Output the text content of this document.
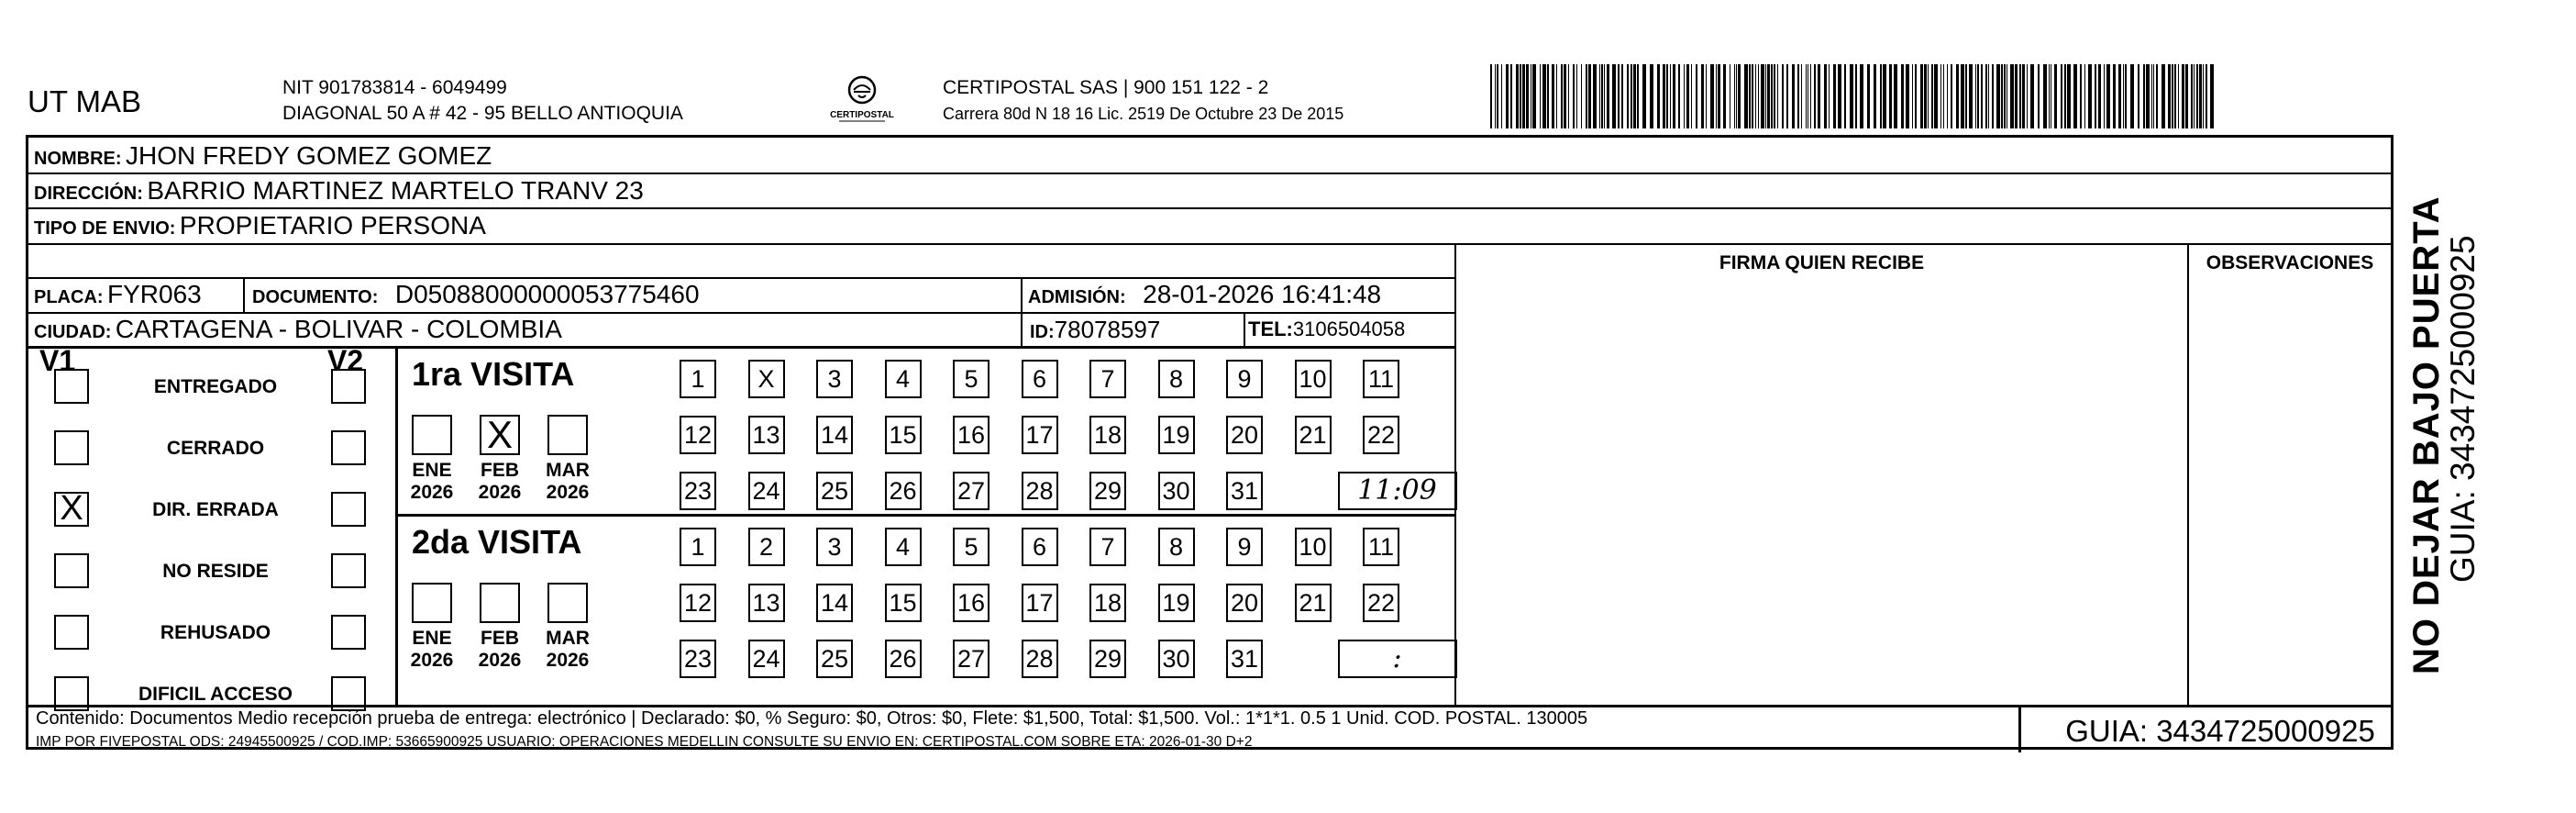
UT MAB	NIT 901783814 - 6049499
DIAGONAL 50 A # 42 - 95 BELLO ANTIOQUIA	CERTIPOSTAL
CERTIPOSTAL SAS | 900 151 122 - 2
Carrera 80d N 18 16 Lic. 2519 De Octubre 23 De 2015
NOMBRE: JHON FREDY GOMEZ GOMEZ
DIRECCIÓN: BARRIO MARTINEZ MARTELO TRANV 23
TIPO DE ENVIO: PROPIETARIO PERSONA
FIRMA QUIEN RECIBE	OBSERVACIONES
PLACA: FYR063	DOCUMENTO: D05088000000053775460	ADMISIÓN: 28-01-2026 16:41:48
CIUDAD: CARTAGENA - BOLIVAR - COLOMBIA	ID:78078597	TEL:3106504058
V1	V2
ENTREGADO
CERRADO
X	DIR. ERRADA
NO RESIDE
REHUSADO
DIFICIL ACCESO
1ra VISITA
ENE
2026
X
FEB
2026
MAR
2026
1	X	3	4	5	6	7	8	9	10 11
12 13 14 15 16 17 18 19 20 21 22
23 24 25 26 27 28 29 30 31	11:09
2da VISITA
ENE
2026
FEB
2026
MAR
2026
1	2	3	4	5	6	7	8	9	10 11
12 13 14 15 16 17 18 19 20 21 22
23 24 25 26 27 28 29 30 31	:
Contenido: Documentos Medio recepción prueba de entrega: electrónico | Declarado: $0, % Seguro: $0, Otros: $0, Flete: $1,500, Total: $1,500. Vol.: 1*1*1. 0.5 1 Unid. COD. POSTAL. 130005
IMP POR FIVEPOSTAL ODS: 24945500925 / COD.IMP: 53665900925 USUARIO: OPERACIONES MEDELLIN CONSULTE SU ENVIO EN: CERTIPOSTAL.COM SOBRE ETA: 2026-01-30 D+2	GUIA: 3434725000925
NO DEJAR BAJO PUERTA
GUIA: 3434725000925
